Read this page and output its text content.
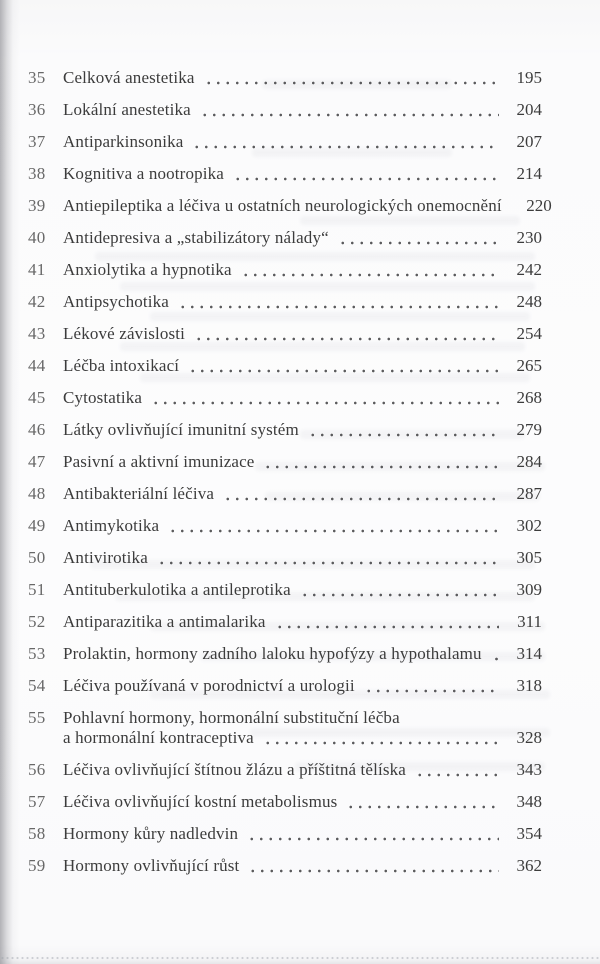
35 Celková anestetika	195
36 Lokální anestetika	204
37 Antiparkinsonika	207
38 Kognitiva a nootropika	214
39 Antiepileptika a léčiva u ostatních neurologických onemocnění	220
40 Antidepresiva a „stabilizátory nálady“	230
41 Anxiolytika a hypnotika	242
42 Antipsychotika	248
43 Lékové závislosti	254
44 Léčba intoxikací	265
45 Cytostatika	268
46 Látky ovlivňující imunitní systém	279
47 Pasivní a aktivní imunizace	284
48 Antibakteriální léčiva	287
49 Antimykotika	302
50 Antivirotika	305
51 Antituberkulotika a antileprotika	309
52 Antiparazitika a antimalarika	311
53 Prolaktin, hormony zadního laloku hypofýzy a hypothalamu	314
54 Léčiva používaná v porodnictví a urologii	318
55 Pohlavní hormony, hormonální substituční léčba
a hormonální kontraceptiva	328
56 Léčiva ovlivňující štítnou žlázu a příštitná tělíska	343
57 Léčiva ovlivňující kostní metabolismus	348
58 Hormony kůry nadledvin	354
59 Hormony ovlivňující růst	362
